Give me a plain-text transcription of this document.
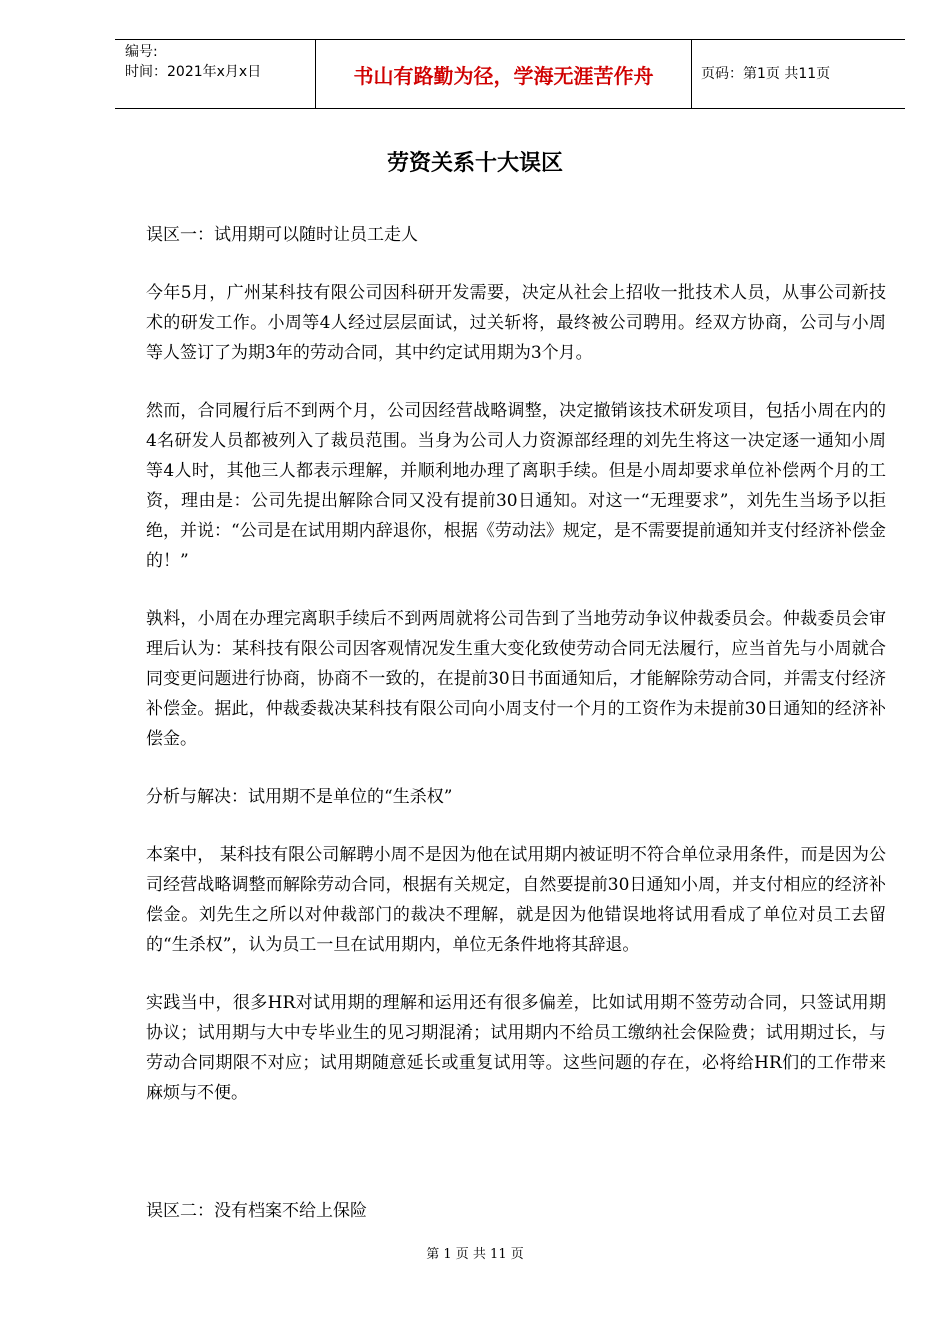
编号:
时间：2021年x月x日	书山有路勤为径，学海无涯苦作舟	页码：第1页 共11页
劳资关系十大误区

误区一：试用期可以随时让员工走人

今年5月，广州某科技有限公司因科研开发需要，决定从社会上招收一批技术人员，从事公司新技术的研发工作。小周等4人经过层层面试，过关斩将，最终被公司聘用。经双方协商，公司与小周等人签订了为期3年的劳动合同，其中约定试用期为3个月。

然而，合同履行后不到两个月，公司因经营战略调整，决定撤销该技术研发项目，包括小周在内的4名研发人员都被列入了裁员范围。当身为公司人力资源部经理的刘先生将这一决定逐一通知小周等4人时，其他三人都表示理解，并顺利地办理了离职手续。但是小周却要求单位补偿两个月的工资，理由是：公司先提出解除合同又没有提前30日通知。对这一“无理要求”，刘先生当场予以拒绝，并说：“公司是在试用期内辞退你，根据《劳动法》规定，是不需要提前通知并支付经济补偿金的！”

孰料，小周在办理完离职手续后不到两周就将公司告到了当地劳动争议仲裁委员会。仲裁委员会审理后认为：某科技有限公司因客观情况发生重大变化致使劳动合同无法履行，应当首先与小周就合同变更问题进行协商，协商不一致的，在提前30日书面通知后，才能解除劳动合同，并需支付经济补偿金。据此，仲裁委裁决某科技有限公司向小周支付一个月的工资作为未提前30日通知的经济补偿金。

分析与解决：试用期不是单位的“生杀权”

本案中， 某科技有限公司解聘小周不是因为他在试用期内被证明不符合单位录用条件，而是因为公司经营战略调整而解除劳动合同，根据有关规定，自然要提前30日通知小周，并支付相应的经济补偿金。刘先生之所以对仲裁部门的裁决不理解，就是因为他错误地将试用看成了单位对员工去留的“生杀权”，认为员工一旦在试用期内，单位无条件地将其辞退。

实践当中，很多HR对试用期的理解和运用还有很多偏差，比如试用期不签劳动合同，只签试用期协议；试用期与大中专毕业生的见习期混淆；试用期内不给员工缴纳社会保险费；试用期过长，与劳动合同期限不对应；试用期随意延长或重复试用等。这些问题的存在，必将给HR们的工作带来麻烦与不便。

误区二：没有档案不给上保险
第 1 页 共 11 页
